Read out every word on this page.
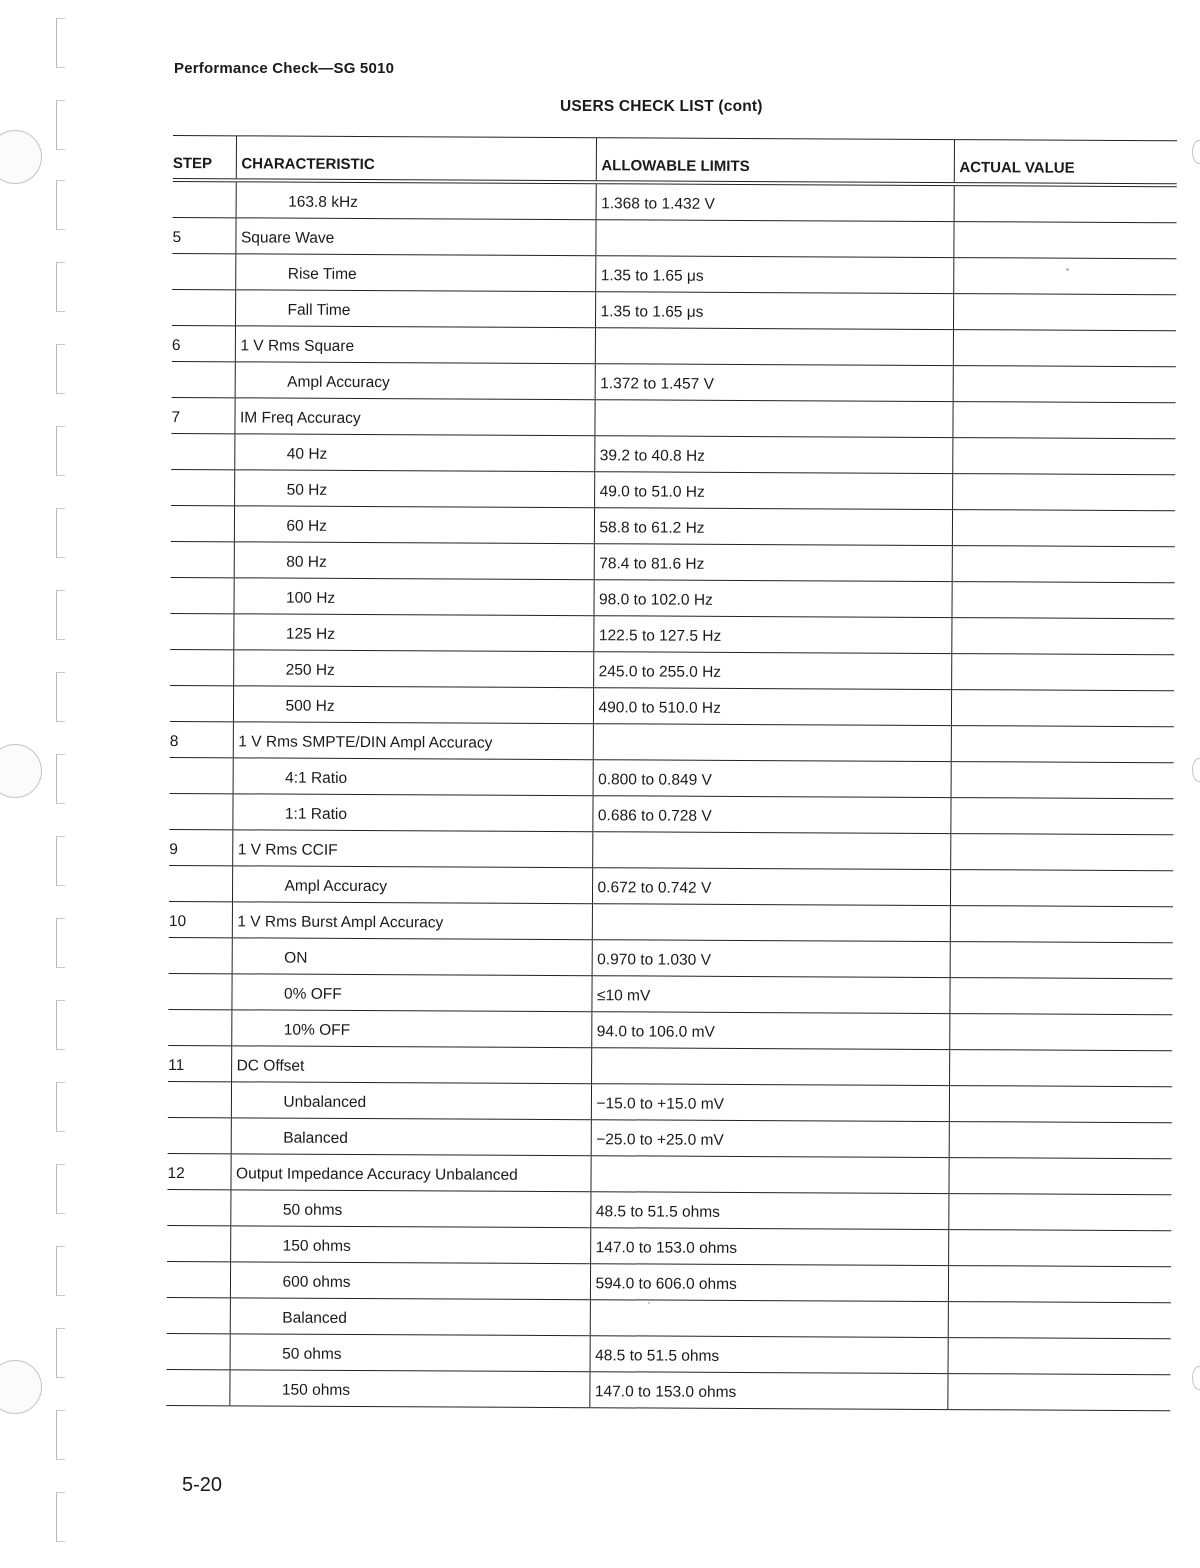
Performance Check—SG 5010
USERS CHECK LIST (cont)
STEP	CHARACTERISTIC	ALLOWABLE LIMITS	ACTUAL VALUE
	163.8 kHz	1.368 to 1.432 V	
5	Square Wave		
	Rise Time	1.35 to 1.65 μs	
	Fall Time	1.35 to 1.65 μs	
6	1 V Rms Square		
	Ampl Accuracy	1.372 to 1.457 V	
7	IM Freq Accuracy		
	40 Hz	39.2 to 40.8 Hz	
	50 Hz	49.0 to 51.0 Hz	
	60 Hz	58.8 to 61.2 Hz	
	80 Hz	78.4 to 81.6 Hz	
	100 Hz	98.0 to 102.0 Hz	
	125 Hz	122.5 to 127.5 Hz	
	250 Hz	245.0 to 255.0 Hz	
	500 Hz	490.0 to 510.0 Hz	
8	1 V Rms SMPTE/DIN Ampl Accuracy		
	4:1 Ratio	0.800 to 0.849 V	
	1:1 Ratio	0.686 to 0.728 V	
9	1 V Rms CCIF		
	Ampl Accuracy	0.672 to 0.742 V	
10	1 V Rms Burst Ampl Accuracy		
	ON	0.970 to 1.030 V	
	0% OFF	≤10 mV	
	10% OFF	94.0 to 106.0 mV	
11	DC Offset		
	Unbalanced	−15.0 to +15.0 mV	
	Balanced	−25.0 to +25.0 mV	
12	Output Impedance Accuracy Unbalanced		
	50 ohms	48.5 to 51.5 ohms	
	150 ohms	147.0 to 153.0 ohms	
	600 ohms	594.0 to 606.0 ohms	
	Balanced		
	50 ohms	48.5 to 51.5 ohms	
	150 ohms	147.0 to 153.0 ohms	
5-20
